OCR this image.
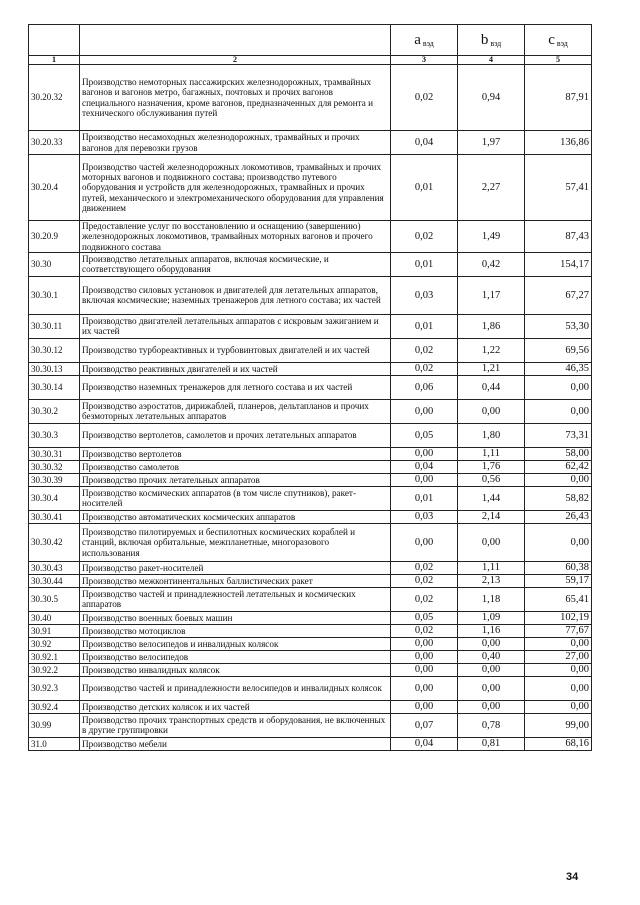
		a $_{вэд}$	b $_{вэд}$	c $_{вэд}$
1	2	3	4	5
30.20.32	Производство немоторных пассажирских железнодорожных, трамвайных вагонов и вагонов метро, багажных, почтовых и прочих вагонов специального назначения, кроме вагонов, предназначенных для ремонта и технического обслуживания путей	0,02	0,94	87,91
30.20.33	Производство несамоходных железнодорожных, трамвайных и прочих вагонов для перевозки грузов	0,04	1,97	136,86
30.20.4	Производство частей железнодорожных локомотивов, трамвайных и прочих моторных вагонов и подвижного состава; производство путевого оборудования и устройств для железнодорожных, трамвайных и прочих путей, механического и электромеханического оборудования для управления движением	0,01	2,27	57,41
30.20.9	Предоставление услуг по восстановлению и оснащению (завершению) железнодорожных локомотивов, трамвайных моторных вагонов и прочего подвижного состава	0,02	1,49	87,43
30.30	Производство летательных аппаратов, включая космические, и соответствующего оборудования	0,01	0,42	154,17
30.30.1	Производство силовых установок и двигателей для летательных аппаратов, включая космические; наземных тренажеров для летного состава; их частей	0,03	1,17	67,27
30.30.11	Производство двигателей летательных аппаратов с искровым зажиганием и их частей	0,01	1,86	53,30
30.30.12	Производство турбореактивных и турбовинтовых двигателей и их частей	0,02	1,22	69,56
30.30.13	Производство реактивных двигателей и их частей	0,02	1,21	46,35
30.30.14	Производство наземных тренажеров для летного состава и их частей	0,06	0,44	0,00
30.30.2	Производство аэростатов, дирижаблей, планеров, дельтапланов и прочих безмоторных летательных аппаратов	0,00	0,00	0,00
30.30.3	Производство вертолетов, самолетов и прочих летательных аппаратов	0,05	1,80	73,31
30.30.31	Производство вертолетов	0,00	1,11	58,00
30.30.32	Производство самолетов	0,04	1,76	62,42
30.30.39	Производство прочих летательных аппаратов	0,00	0,56	0,00
30.30.4	Производство космических аппаратов (в том числе спутников), ракет-носителей	0,01	1,44	58,82
30.30.41	Производство автоматических космических аппаратов	0,03	2,14	26,43
30.30.42	Производство пилотируемых и беспилотных космических кораблей и станций, включая орбитальные, межпланетные, многоразового использования	0,00	0,00	0,00
30.30.43	Производство ракет-носителей	0,02	1,11	60,38
30.30.44	Производство межконтинентальных баллистических ракет	0,02	2,13	59,17
30.30.5	Производство частей и принадлежностей летательных и космических аппаратов	0,02	1,18	65,41
30.40	Производство военных боевых машин	0,05	1,09	102,19
30.91	Производство мотоциклов	0,02	1,16	77,67
30.92	Производство велосипедов и инвалидных колясок	0,00	0,00	0,00
30.92.1	Производство велосипедов	0,00	0,40	27,00
30.92.2	Производство инвалидных колясок	0,00	0,00	0,00
30.92.3	Производство частей и принадлежности велосипедов и инвалидных колясок	0,00	0,00	0,00
30.92.4	Производство детских колясок и их частей	0,00	0,00	0,00
30.99	Производство прочих транспортных средств и оборудования, не включенных в другие группировки	0,07	0,78	99,00
31.0	Производство мебели	0,04	0,81	68,16
34
